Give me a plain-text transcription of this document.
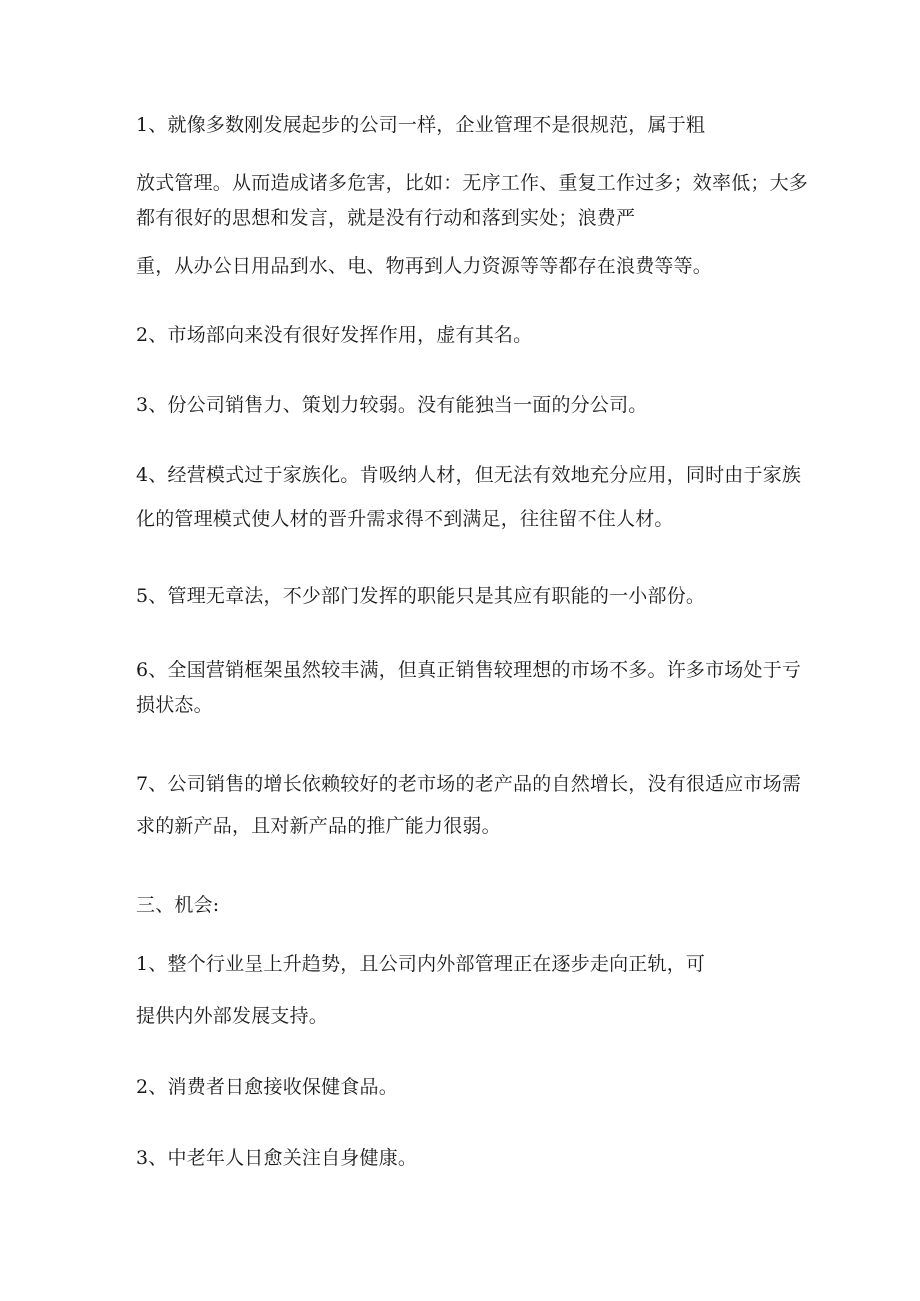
1、就像多数刚发展起步的公司一样，企业管理不是很规范，属于粗
放式管理。从而造成诸多危害，比如：无序工作、重复工作过多；效率低；大多
都有很好的思想和发言，就是没有行动和落到实处；浪费严
重，从办公日用品到水、电、物再到人力资源等等都存在浪费等等。
2、市场部向来没有很好发挥作用，虚有其名。
3、份公司销售力、策划力较弱。没有能独当一面的分公司。
4、经营模式过于家族化。肯吸纳人材，但无法有效地充分应用，同时由于家族
化的管理模式使人材的晋升需求得不到满足，往往留不住人材。
5、管理无章法，不少部门发挥的职能只是其应有职能的一小部份。
6、全国营销框架虽然较丰满，但真正销售较理想的市场不多。许多市场处于亏
损状态。
7、公司销售的增长依赖较好的老市场的老产品的自然增长，没有很适应市场需
求的新产品，且对新产品的推广能力很弱。
三、机会:
1、整个行业呈上升趋势，且公司内外部管理正在逐步走向正轨，可
提供内外部发展支持。
2、消费者日愈接收保健食品。
3、中老年人日愈关注自身健康。
